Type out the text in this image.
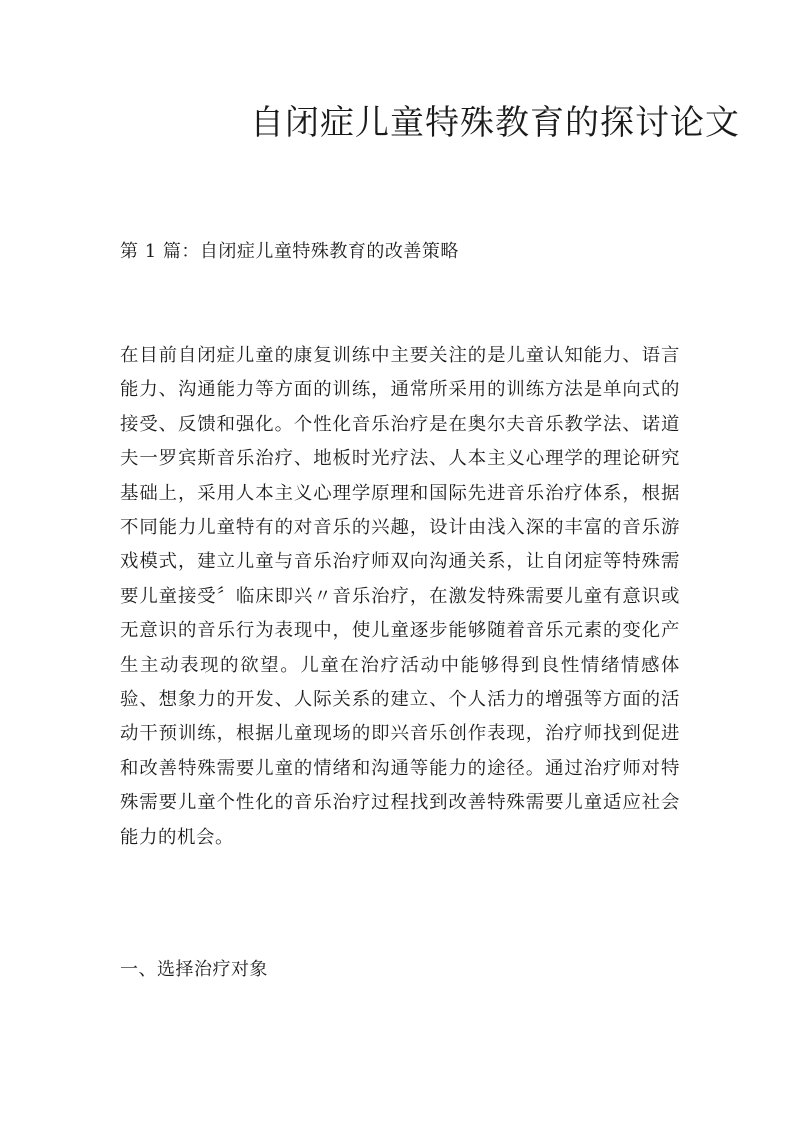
自闭症儿童特殊教育的探讨论文
第 1 篇：自闭症儿童特殊教育的改善策略

在目前自闭症儿童的康复训练中主要关注的是儿童认知能力、语言能力、沟通能力等方面的训练，通常所采用的训练方法是单向式的接受、反馈和强化。个性化音乐治疗是在奥尔夫音乐教学法、诺道夫一罗宾斯音乐治疗、地板时光疗法、人本主义心理学的理论研究基础上，采用人本主义心理学原理和国际先进音乐治疗体系，根据不同能力儿童特有的对音乐的兴趣，设计由浅入深的丰富的音乐游戏模式，建立儿童与音乐治疗师双向沟通关系，让自闭症等特殊需要儿童接受〞临床即兴〃音乐治疗，在激发特殊需要儿童有意识或无意识的音乐行为表现中，使儿童逐步能够随着音乐元素的变化产生主动表现的欲望。儿童在治疗活动中能够得到良性情绪情感体验、想象力的开发、人际关系的建立、个人活力的增强等方面的活动干预训练，根据儿童现场的即兴音乐创作表现，治疗师找到促进和改善特殊需要儿童的情绪和沟通等能力的途径。通过治疗师对特殊需要儿童个性化的音乐治疗过程找到改善特殊需要儿童适应社会能力的机会。

一、选择治疗对象
